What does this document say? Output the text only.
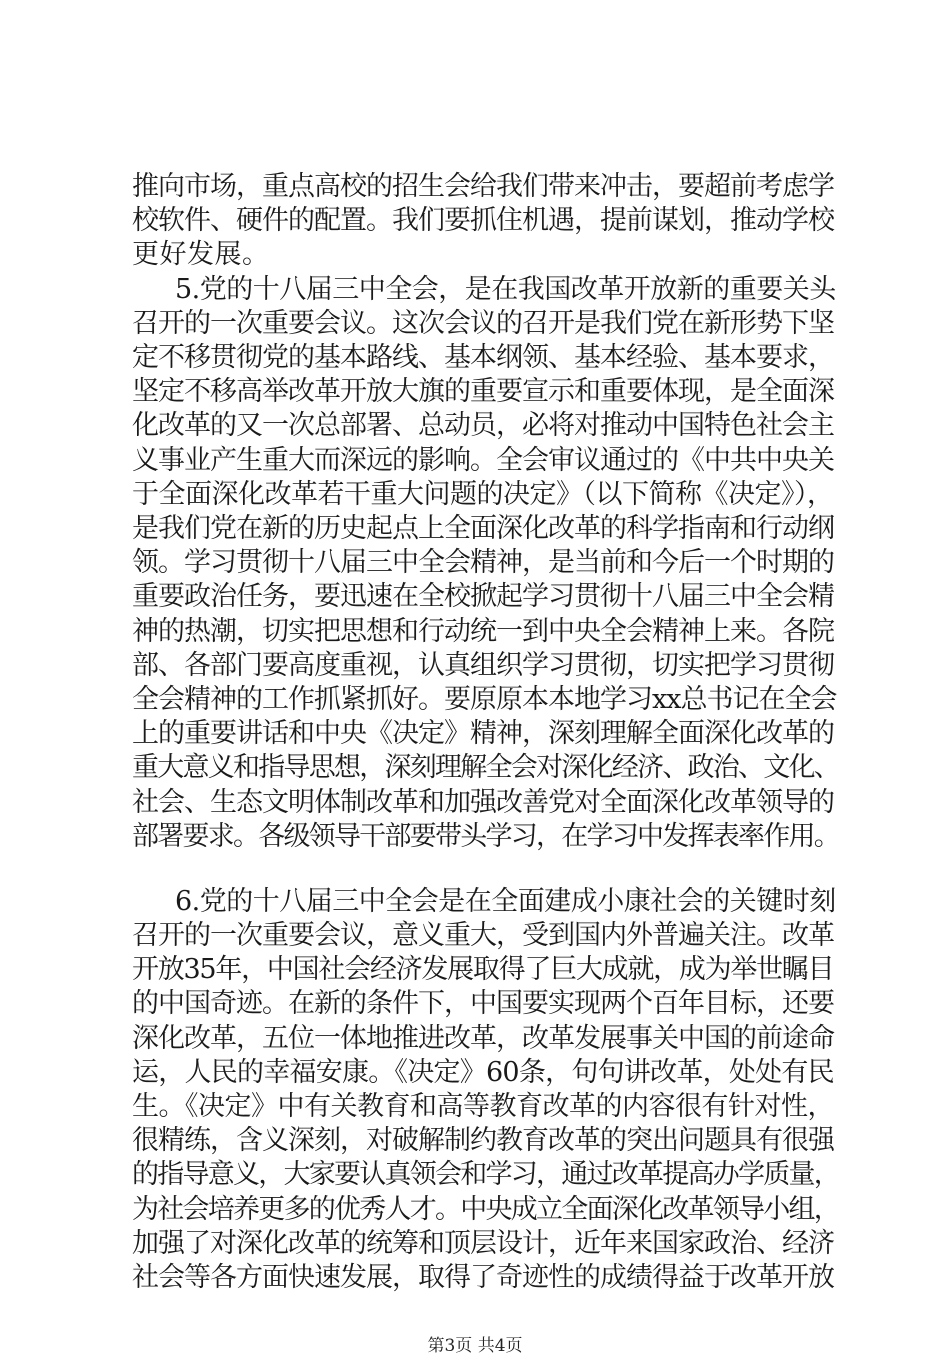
推向市场，重点高校的招生会给我们带来冲击，要超前考虑学
校软件、硬件的配置。我们要抓住机遇，提前谋划，推动学校
更好发展。
5.党的十八届三中全会，是在我国改革开放新的重要关头
召开的一次重要会议。这次会议的召开是我们党在新形势下坚
定不移贯彻党的基本路线、基本纲领、基本经验、基本要求，
坚定不移高举改革开放大旗的重要宣示和重要体现，是全面深
化改革的又一次总部署、总动员，必将对推动中国特色社会主
义事业产生重大而深远的影响。全会审议通过的《中共中央关
于全面深化改革若干重大问题的决定》（以下简称《决定》），
是我们党在新的历史起点上全面深化改革的科学指南和行动纲
领。学习贯彻十八届三中全会精神，是当前和今后一个时期的
重要政治任务，要迅速在全校掀起学习贯彻十八届三中全会精
神的热潮，切实把思想和行动统一到中央全会精神上来。各院
部、各部门要高度重视，认真组织学习贯彻，切实把学习贯彻
全会精神的工作抓紧抓好。要原原本本地学习xx总书记在全会
上的重要讲话和中央《决定》精神，深刻理解全面深化改革的
重大意义和指导思想，深刻理解全会对深化经济、政治、文化、
社会、生态文明体制改革和加强改善党对全面深化改革领导的
部署要求。各级领导干部要带头学习，在学习中发挥表率作用。
6.党的十八届三中全会是在全面建成小康社会的关键时刻
召开的一次重要会议，意义重大，受到国内外普遍关注。改革
开放35年，中国社会经济发展取得了巨大成就，成为举世瞩目
的中国奇迹。在新的条件下，中国要实现两个百年目标，还要
深化改革，五位一体地推进改革，改革发展事关中国的前途命
运，人民的幸福安康。《决定》60条，句句讲改革，处处有民
生。《决定》中有关教育和高等教育改革的内容很有针对性，
很精练，含义深刻，对破解制约教育改革的突出问题具有很强
的指导意义，大家要认真领会和学习，通过改革提高办学质量，
为社会培养更多的优秀人才。中央成立全面深化改革领导小组，
加强了对深化改革的统筹和顶层设计，近年来国家政治、经济
社会等各方面快速发展，取得了奇迹性的成绩得益于改革开放
第3页 共4页
